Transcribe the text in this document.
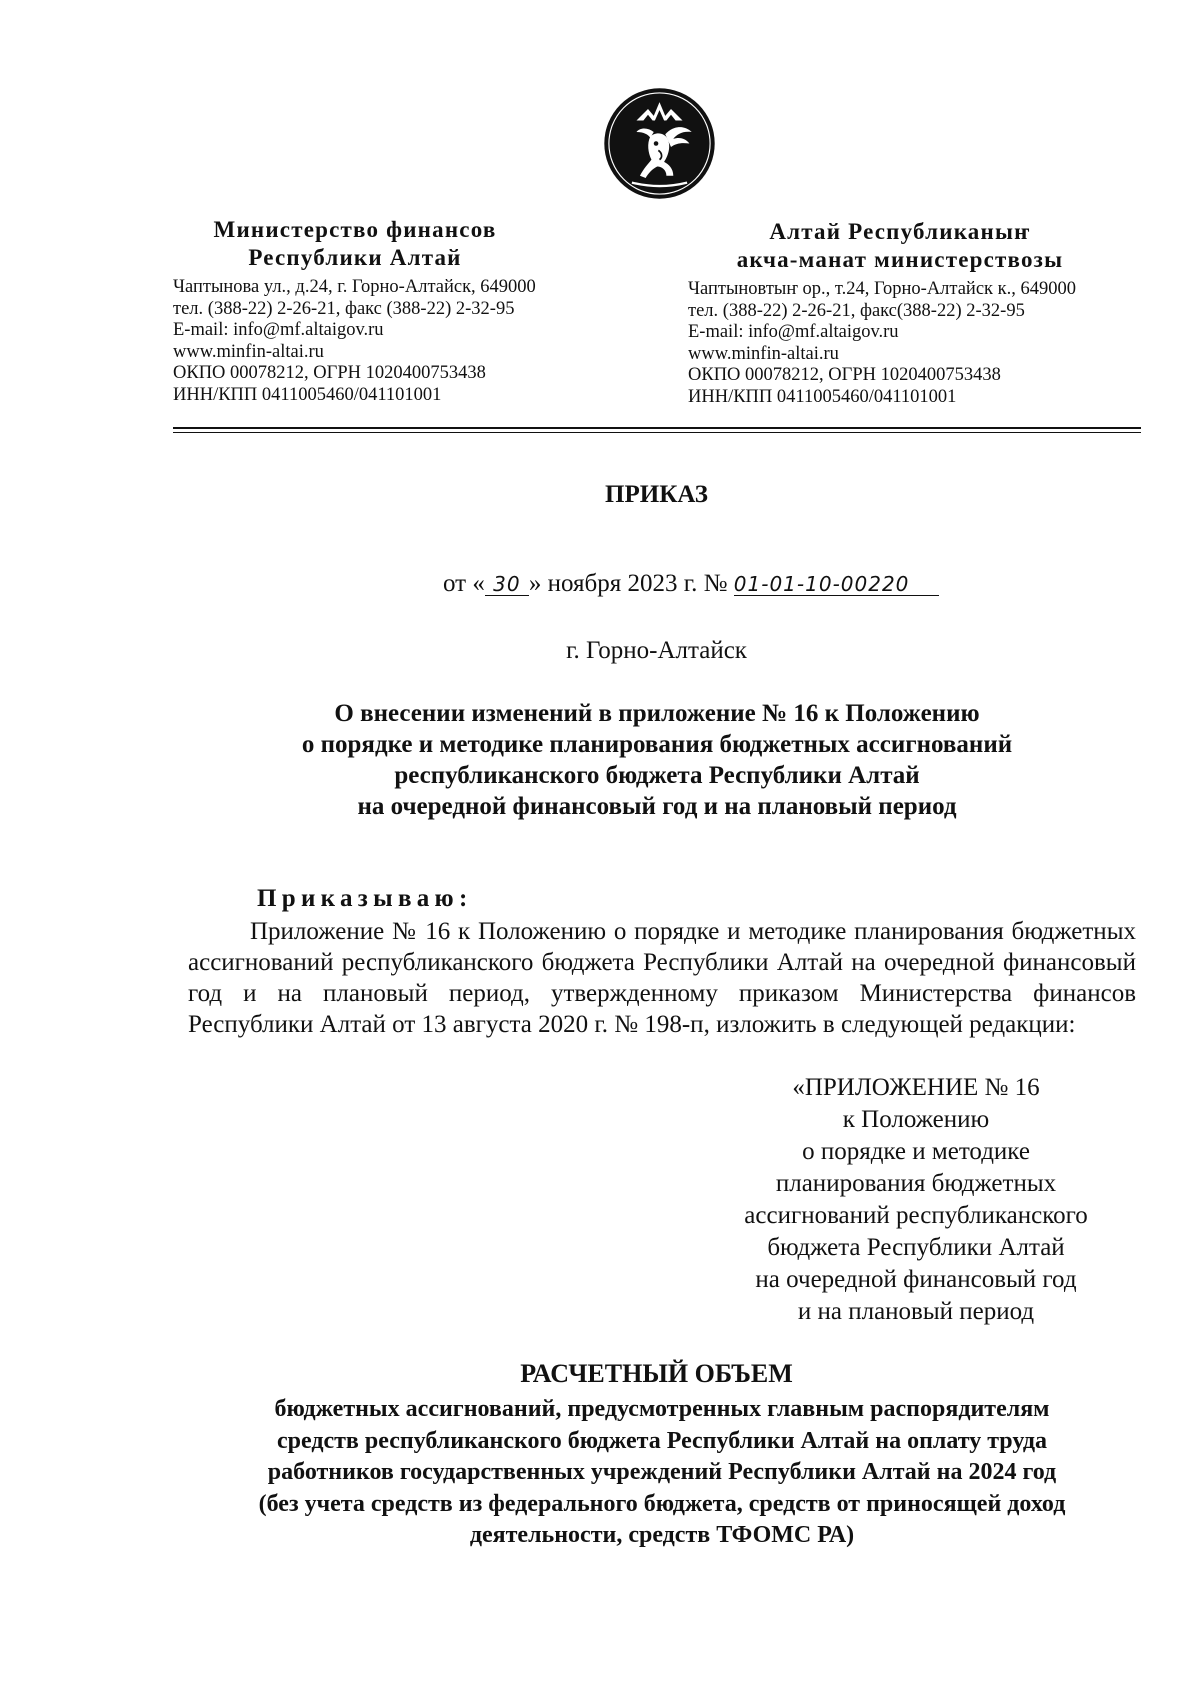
Министерство финансов
Республики Алтай
Чаптынова ул., д.24, г. Горно-Алтайск, 649000
тел. (388-22) 2-26-21, факс (388-22) 2-32-95
E-mail: info@mf.altaigov.ru
www.minfin-altai.ru
ОКПО 00078212, ОГРН 1020400753438
ИНН/КПП 0411005460/041101001
Алтай Республиканыҥ
акча-манат министерствозы
Чаптыновтыҥ ор., т.24, Горно-Алтайск к., 649000
тел. (388-22) 2-26-21, факс(388-22) 2-32-95
E-mail: info@mf.altaigov.ru
www.minfin-altai.ru
ОКПО 00078212, ОГРН 1020400753438
ИНН/КПП 0411005460/041101001
ПРИКАЗ
от « 30 » ноября 2023 г. № 01-01-10-00220
г. Горно-Алтайск
О внесении изменений в приложение № 16 к Положению
о порядке и методике планирования бюджетных ассигнований
республиканского бюджета Республики Алтай
на очередной финансовый год и на плановый период
Приказываю:
Приложение № 16 к Положению о порядке и методике планирования бюджетных ассигнований республиканского бюджета Республики Алтай на очередной финансовый год и на плановый период, утвержденному приказом Министерства финансов Республики Алтай от 13 августа 2020 г. № 198-п, изложить в следующей редакции:
«ПРИЛОЖЕНИЕ № 16
к Положению
о порядке и методике
планирования бюджетных
ассигнований республиканского
бюджета Республики Алтай
на очередной финансовый год
и на плановый период
РАСЧЕТНЫЙ ОБЪЕМ
бюджетных ассигнований, предусмотренных главным распорядителям
средств республиканского бюджета Республики Алтай на оплату труда
работников государственных учреждений Республики Алтай на 2024 год
(без учета средств из федерального бюджета, средств от приносящей доход
деятельности, средств ТФОМС РА)
